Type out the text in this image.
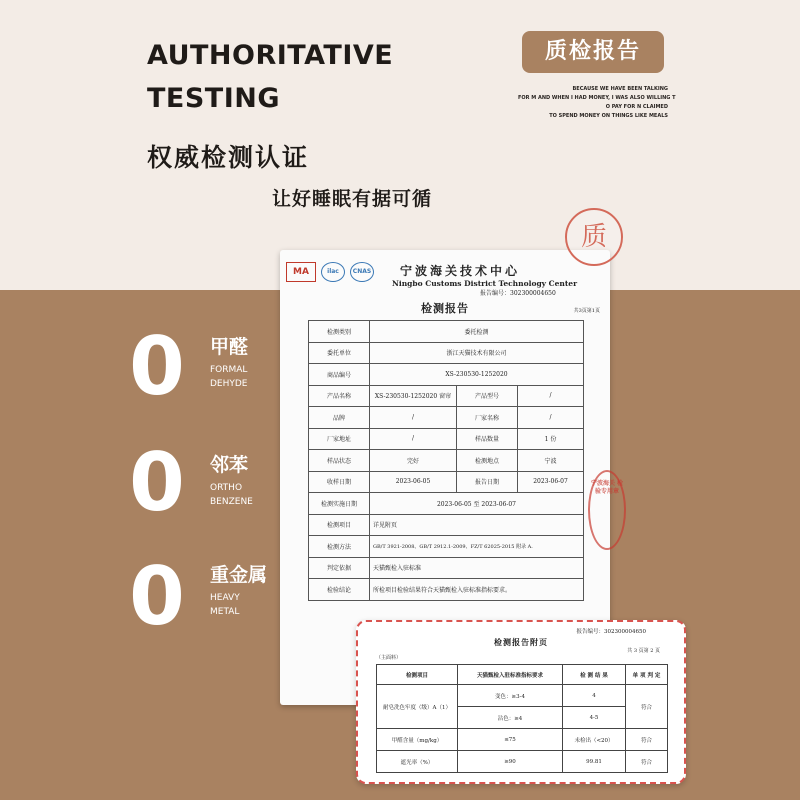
AUTHORITATIVE
TESTING
质检报告
BECAUSE WE HAVE BEEN TALKING
FOR M AND WHEN I HAD MONEY, I WAS ALSO WILLING T
O PAY FOR N CLAIMED
TO SPEND MONEY ON THINGS LIKE MEALS
权威检测认证
让好睡眠有据可循
0	甲醛
FORMAL
DEHYDE
0	邻苯
ORTHO
BENZENE
0	重金属
HEAVY
METAL
MA	ilac	CNAS 宁波海关技术中心
Ningbo Customs District Technology Center
报告编号：302300004650
检测报告	共3页第1页
检测类别	委托检测		
委托单位	浙江天猫技术有限公司		
商品编号	XS-230530-1252020		
产品名称	XS-230530-1252020 窗帘	产品型号	/
品牌	/	厂家名称	/
厂家地址	/	样品数量	1 份
样品状态	完好	检测地点	宁波
收样日期	2023-06-05	报告日期	2023-06-07
检测实施日期	2023-06-05 至 2023-06-07		
检测项目	详见附页		
检测方法	GB/T 3921-2008、GB/T 2912.1-2009、FZ/T 62025-2015 附录 A.		
判定依据	天猫甄检入驻标准		
检验结论	所检项目检验结果符合天猫甄检入驻标准指标要求。		
宁波海关 检验专用章
报告编号：302300004650
检测报告附页
共 3 页第 2 页
（主面料）
检测项目	天猫甄检入驻标准指标要求	检 测 结 果	单 项 判 定
耐皂洗色牢度（级）A（1）	变色：≥3-4	4	符合
	沾色：≥4	4-5	
甲醛含量（mg/kg）	≤75	未检出（<20）	符合
遮光率（%）	≥90	99.81	符合
质
